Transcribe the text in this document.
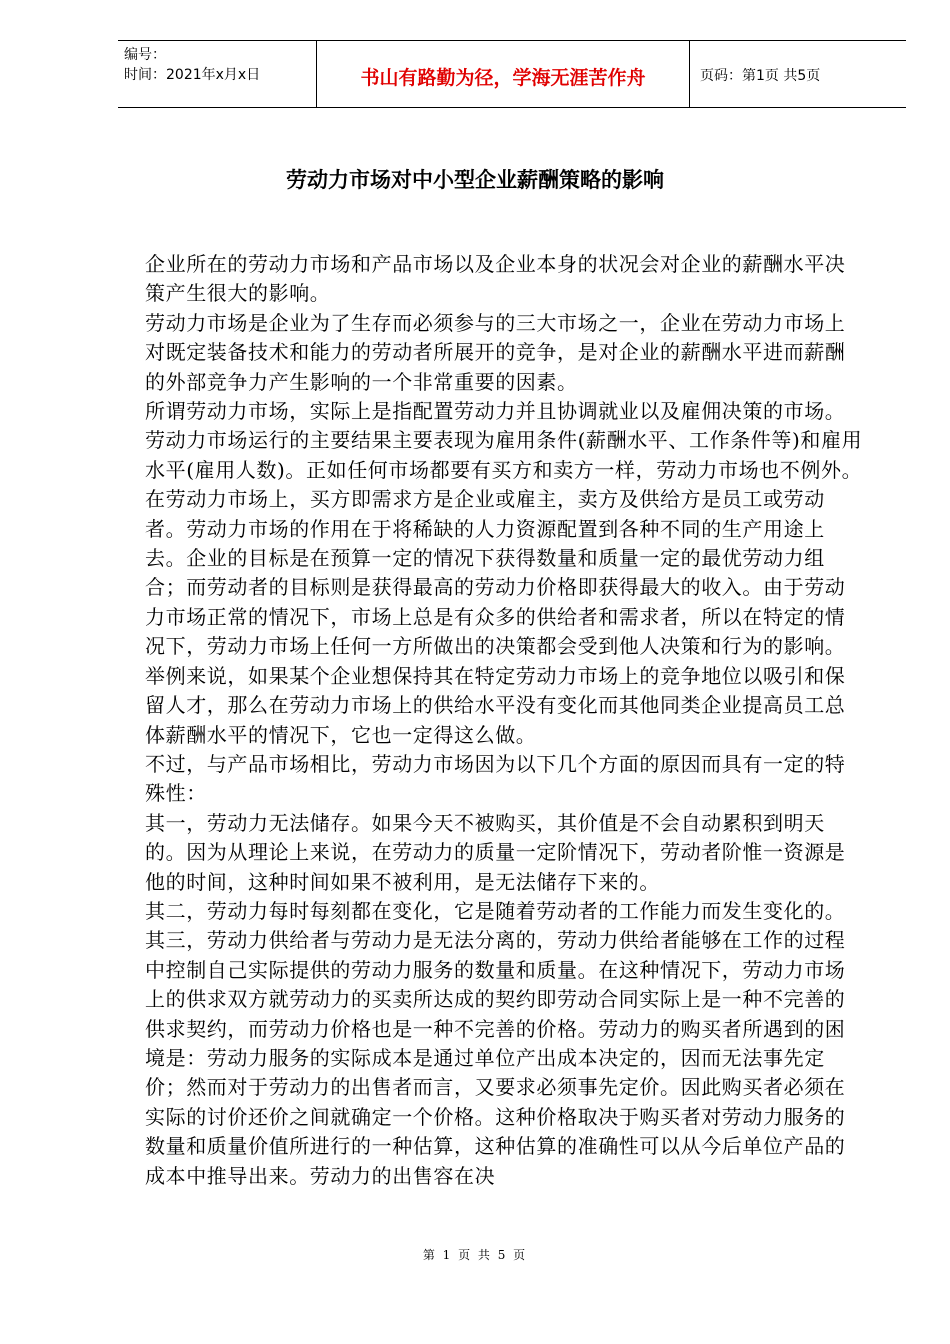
编号：
时间：2021年x月x日	书山有路勤为径，学海无涯苦作舟	页码：第1页 共5页
劳动力市场对中小型企业薪酬策略的影响

企业所在的劳动力市场和产品市场以及企业本身的状况会对企业的薪酬水平决策产生很大的影响。

劳动力市场是企业为了生存而必须参与的三大市场之一，企业在劳动力市场上对既定装备技术和能力的劳动者所展开的竞争，是对企业的薪酬水平进而薪酬的外部竞争力产生影响的一个非常重要的因素。

所谓劳动力市场，实际上是指配置劳动力并且协调就业以及雇佣决策的市场。劳动力市场运行的主要结果主要表现为雇用条件(薪酬水平、工作条件等)和雇用水平(雇用人数)。正如任何市场都要有买方和卖方一样，劳动力市场也不例外。在劳动力市场上，买方即需求方是企业或雇主，卖方及供给方是员工或劳动者。劳动力市场的作用在于将稀缺的人力资源配置到各种不同的生产用途上去。企业的目标是在预算一定的情况下获得数量和质量一定的最优劳动力组合；而劳动者的目标则是获得最高的劳动力价格即获得最大的收入。由于劳动力市场正常的情况下，市场上总是有众多的供给者和需求者，所以在特定的情况下，劳动力市场上任何一方所做出的决策都会受到他人决策和行为的影响。举例来说，如果某个企业想保持其在特定劳动力市场上的竞争地位以吸引和保留人才，那么在劳动力市场上的供给水平没有变化而其他同类企业提高员工总体薪酬水平的情况下，它也一定得这么做。

不过，与产品市场相比，劳动力市场因为以下几个方面的原因而具有一定的特殊性：

其一，劳动力无法储存。如果今天不被购买，其价值是不会自动累积到明天的。因为从理论上来说，在劳动力的质量一定阶情况下，劳动者阶惟一资源是他的时间，这种时间如果不被利用，是无法储存下来的。

其二，劳动力每时每刻都在变化，它是随着劳动者的工作能力而发生变化的。

其三，劳动力供给者与劳动力是无法分离的，劳动力供给者能够在工作的过程中控制自己实际提供的劳动力服务的数量和质量。在这种情况下，劳动力市场上的供求双方就劳动力的买卖所达成的契约即劳动合同实际上是一种不完善的供求契约，而劳动力价格也是一种不完善的价格。劳动力的购买者所遇到的困境是：劳动力服务的实际成本是通过单位产出成本决定的，因而无法事先定价；然而对于劳动力的出售者而言，又要求必须事先定价。因此购买者必须在实际的讨价还价之间就确定一个价格。这种价格取决于购买者对劳动力服务的数量和质量价值所进行的一种估算，这种估算的准确性可以从今后单位产品的成本中推导出来。劳动力的出售容在决

第 1 页 共 5 页
